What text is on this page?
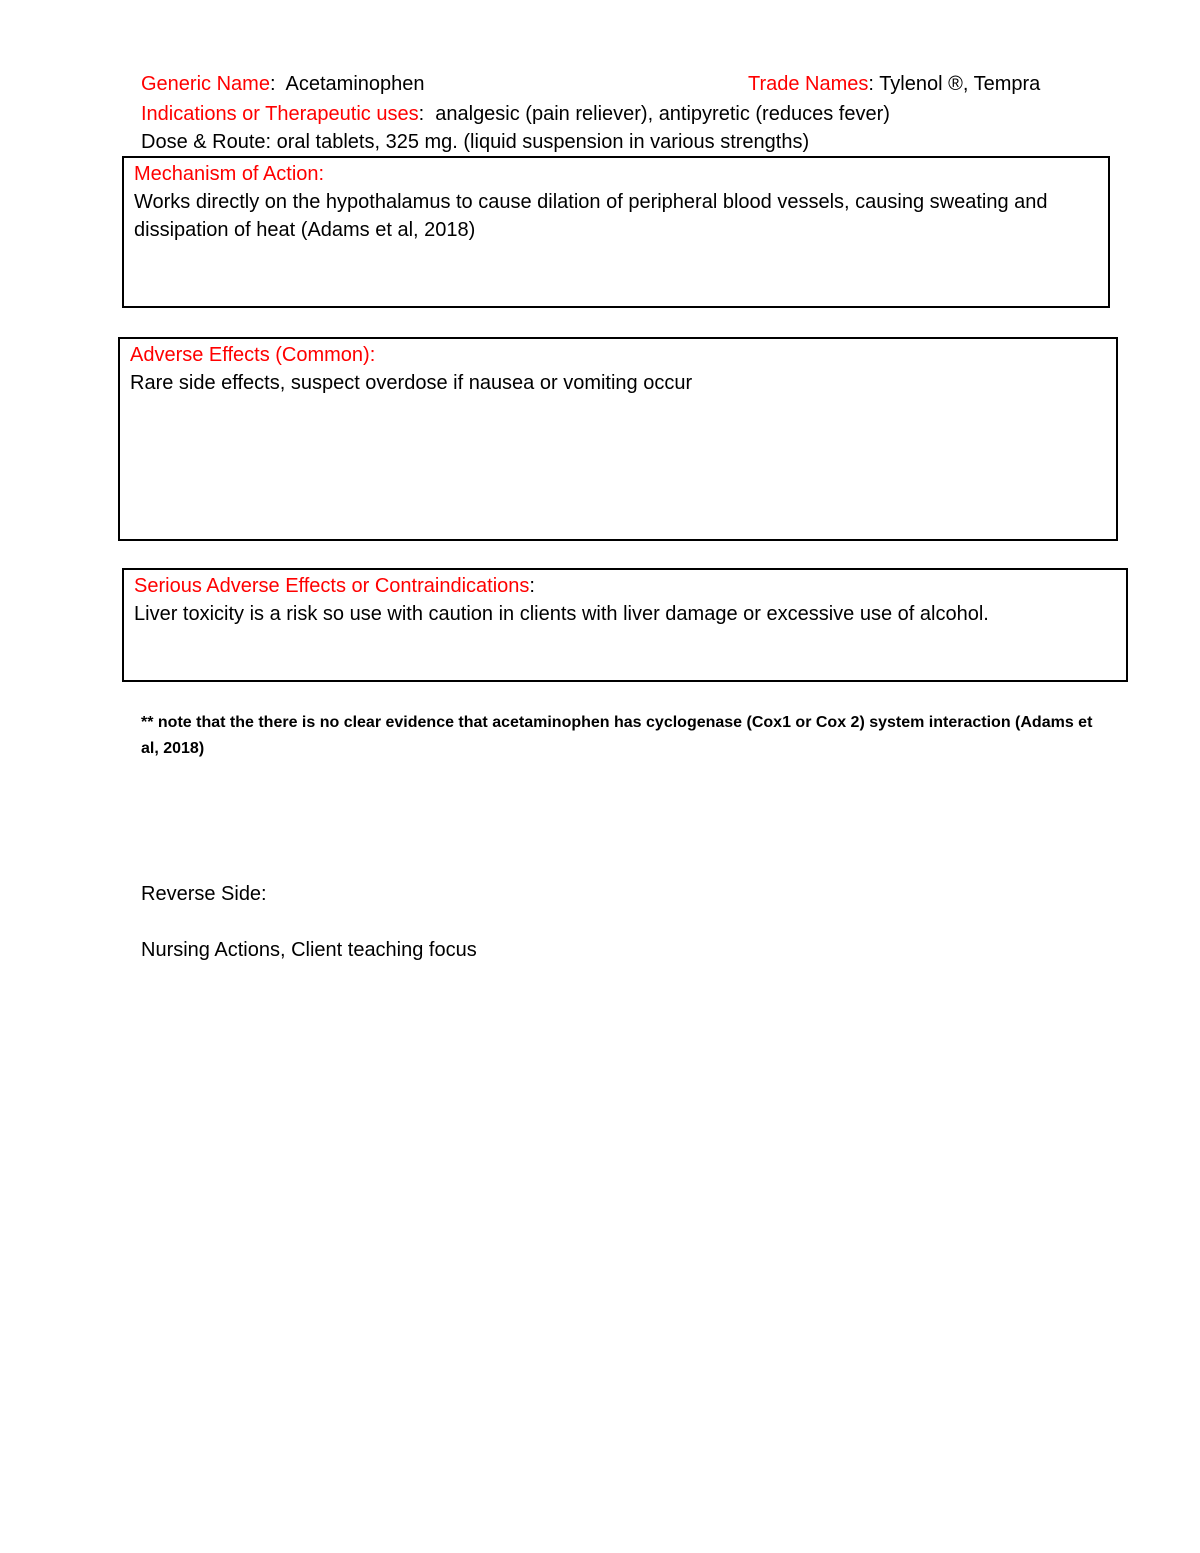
Generic Name:  Acetaminophen	Trade Names: Tylenol ®, Tempra
Indications or Therapeutic uses:  analgesic (pain reliever), antipyretic (reduces fever)
Dose & Route: oral tablets, 325 mg. (liquid suspension in various strengths)
Mechanism of Action:
Works directly on the hypothalamus to cause dilation of peripheral blood vessels, causing sweating and dissipation of heat (Adams et al, 2018)
Adverse Effects (Common):
Rare side effects, suspect overdose if nausea or vomiting occur
Serious Adverse Effects or Contraindications:
Liver toxicity is a risk so use with caution in clients with liver damage or excessive use of alcohol.
** note that the there is no clear evidence that acetaminophen has cyclogenase (Cox1 or Cox 2) system interaction (Adams et al, 2018)
Reverse Side:
Nursing Actions, Client teaching focus
